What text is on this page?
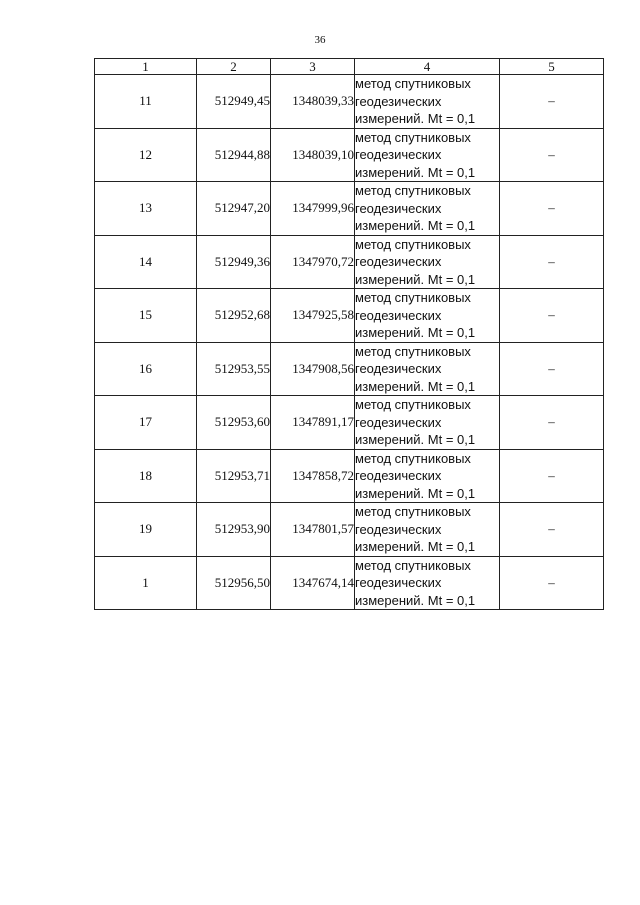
36
1	2	3	4	5
11	512949,45	1348039,33	метод спутниковых
геодезических
измерений. Mt = 0,1	–
12	512944,88	1348039,10	метод спутниковых
геодезических
измерений. Mt = 0,1	–
13	512947,20	1347999,96	метод спутниковых
геодезических
измерений. Mt = 0,1	–
14	512949,36	1347970,72	метод спутниковых
геодезических
измерений. Mt = 0,1	–
15	512952,68	1347925,58	метод спутниковых
геодезических
измерений. Mt = 0,1	–
16	512953,55	1347908,56	метод спутниковых
геодезических
измерений. Mt = 0,1	–
17	512953,60	1347891,17	метод спутниковых
геодезических
измерений. Mt = 0,1	–
18	512953,71	1347858,72	метод спутниковых
геодезических
измерений. Mt = 0,1	–
19	512953,90	1347801,57	метод спутниковых
геодезических
измерений. Mt = 0,1	–
1	512956,50	1347674,14	метод спутниковых
геодезических
измерений. Mt = 0,1	–
